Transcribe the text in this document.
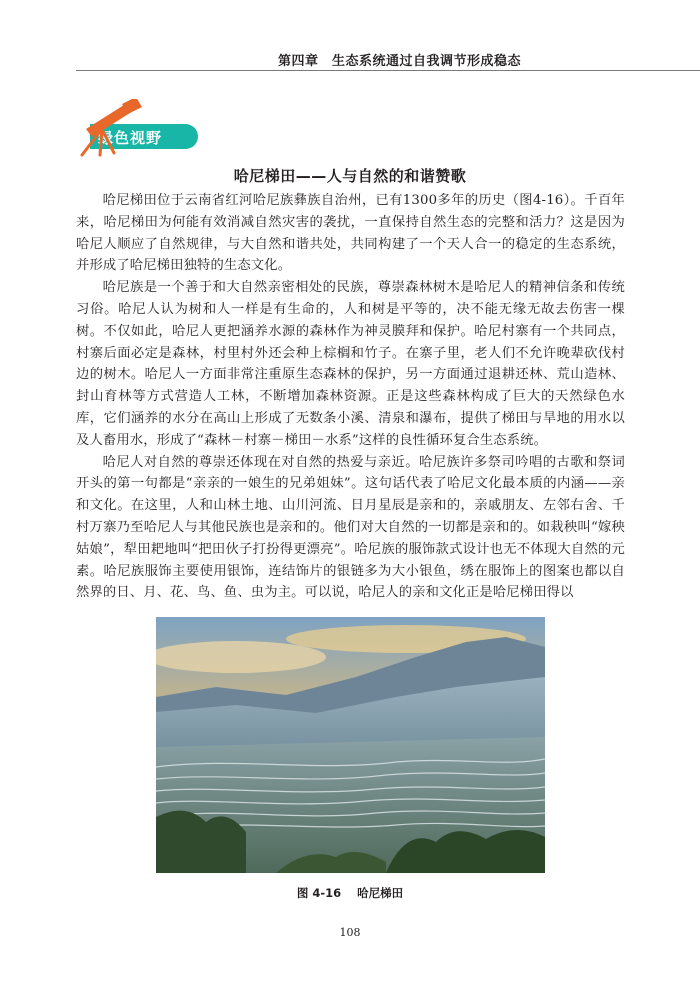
第四章　生态系统通过自我调节形成稳态
绿色视野
哈尼梯田——人与自然的和谐赞歌

哈尼梯田位于云南省红河哈尼族彝族自治州，已有1300多年的历史（图4-16）。千百年来，哈尼梯田为何能有效消减自然灾害的袭扰，一直保持自然生态的完整和活力？这是因为哈尼人顺应了自然规律，与大自然和谐共处，共同构建了一个天人合一的稳定的生态系统，并形成了哈尼梯田独特的生态文化。

哈尼族是一个善于和大自然亲密相处的民族，尊崇森林树木是哈尼人的精神信条和传统习俗。哈尼人认为树和人一样是有生命的，人和树是平等的，决不能无缘无故去伤害一棵树。不仅如此，哈尼人更把涵养水源的森林作为神灵膜拜和保护。哈尼村寨有一个共同点，村寨后面必定是森林，村里村外还会种上棕榈和竹子。在寨子里，老人们不允许晚辈砍伐村边的树木。哈尼人一方面非常注重原生态森林的保护，另一方面通过退耕还林、荒山造林、封山育林等方式营造人工林，不断增加森林资源。正是这些森林构成了巨大的天然绿色水库，它们涵养的水分在高山上形成了无数条小溪、清泉和瀑布，提供了梯田与旱地的用水以及人畜用水，形成了“森林－村寨－梯田－水系”这样的良性循环复合生态系统。

哈尼人对自然的尊崇还体现在对自然的热爱与亲近。哈尼族许多祭司吟唱的古歌和祭词开头的第一句都是“亲亲的一娘生的兄弟姐妹”。这句话代表了哈尼文化最本质的内涵——亲和文化。在这里，人和山林土地、山川河流、日月星辰是亲和的，亲戚朋友、左邻右舍、千村万寨乃至哈尼人与其他民族也是亲和的。他们对大自然的一切都是亲和的。如栽秧叫“嫁秧姑娘”，犁田耙地叫“把田伙子打扮得更漂亮”。哈尼族的服饰款式设计也无不体现大自然的元素。哈尼族服饰主要使用银饰，连结饰片的银链多为大小银鱼，绣在服饰上的图案也都以自然界的日、月、花、鸟、鱼、虫为主。可以说，哈尼人的亲和文化正是哈尼梯田得以

图 4-16 哈尼梯田
108
